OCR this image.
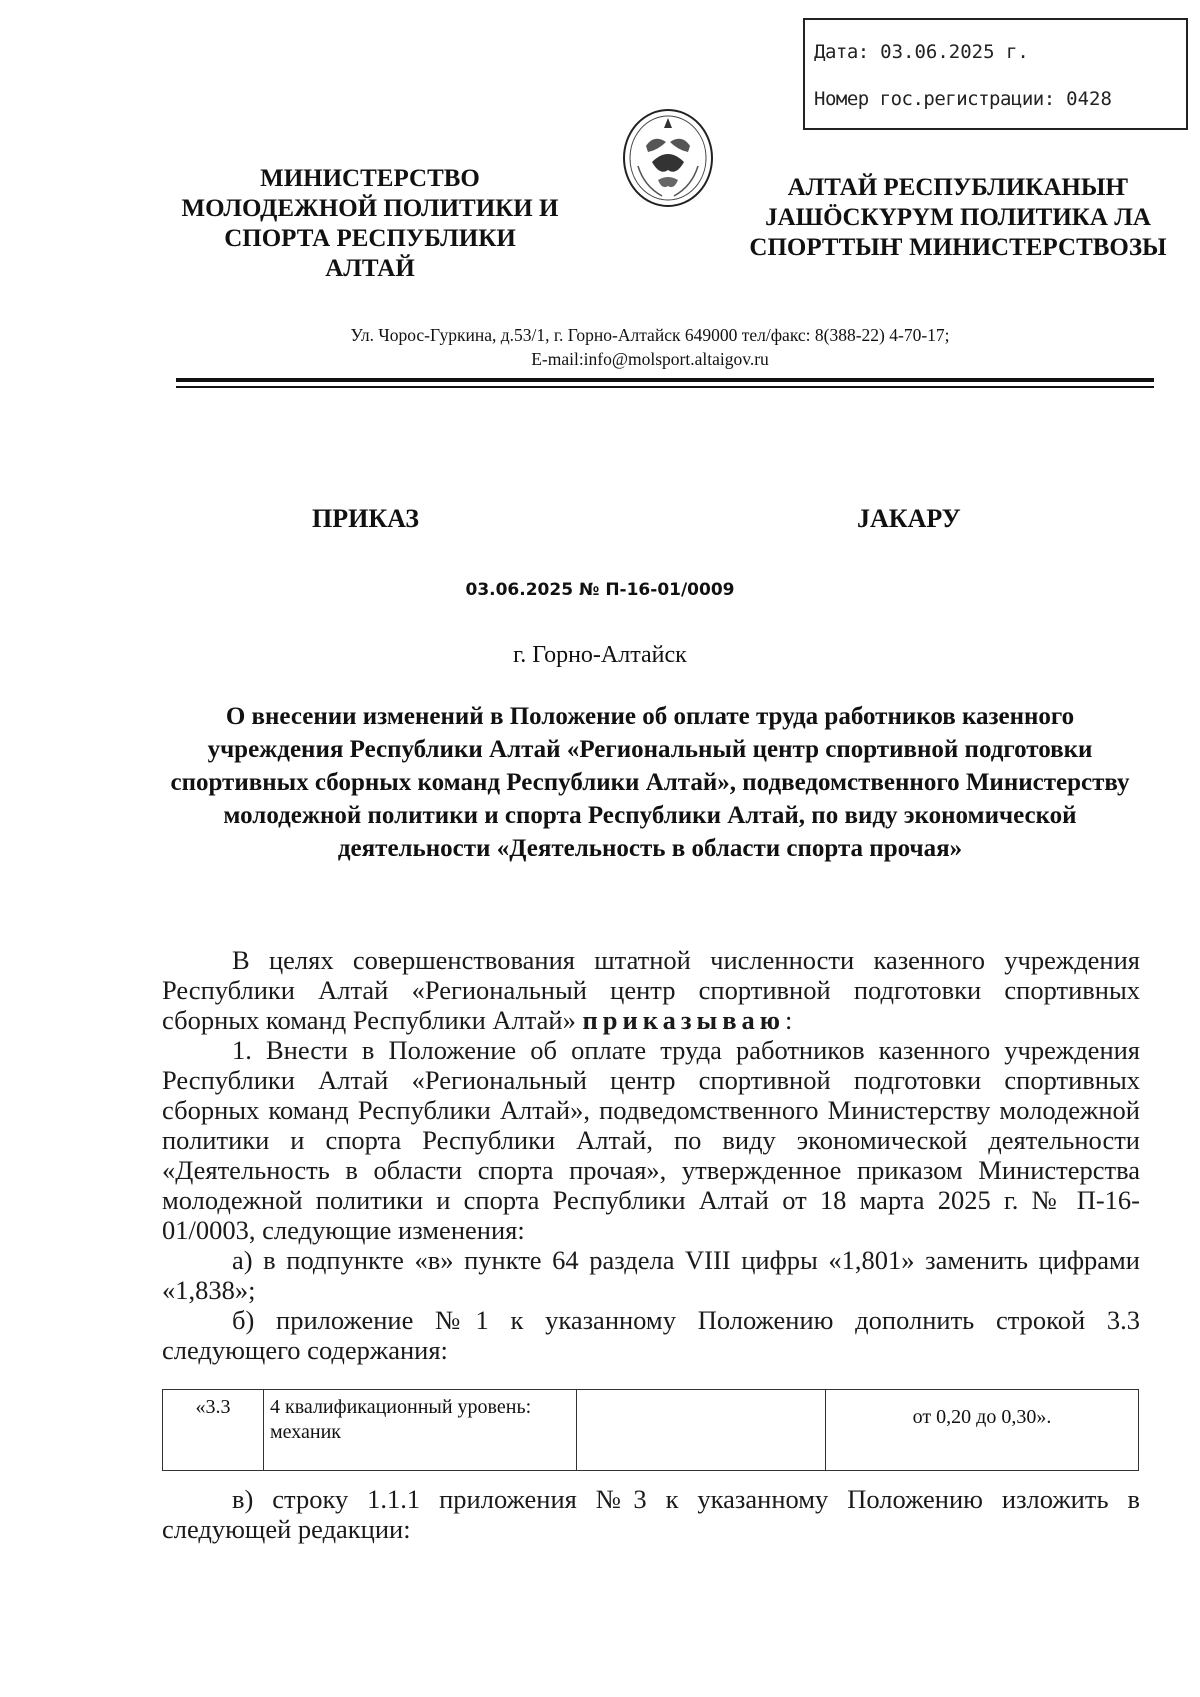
Дата: 03.06.2025 г.
Номер гос.регистрации: 0428
МИНИСТЕРСТВО
МОЛОДЕЖНОЙ ПОЛИТИКИ И
СПОРТА РЕСПУБЛИКИ
АЛТАЙ
АЛТАЙ РЕСПУБЛИКАНЫҤ
ЈАШÖСКҮРҮМ ПОЛИТИКА ЛА
СПОРТТЫҤ МИНИСТЕРСТВОЗЫ
Ул. Чорос-Гуркина, д.53/1, г. Горно-Алтайск 649000 тел/факс: 8(388-22) 4-70-17;
E-mail:info@molsport.altaigov.ru
ПРИКАЗ	ЈАКАРУ
03.06.2025 № П-16-01/0009
г. Горно-Алтайск
О внесении изменений в Положение об оплате труда работников казенного учреждения Республики Алтай «Региональный центр спортивной подготовки спортивных сборных команд Республики Алтай», подведомственного Министерству молодежной политики и спорта Республики Алтай, по виду экономической деятельности «Деятельность в области спорта прочая»

В целях совершенствования штатной численности казенного учреждения Республики Алтай «Региональный центр спортивной подготовки спортивных сборных команд Республики Алтай» приказываю:

1. Внести в Положение об оплате труда работников казенного учреждения Республики Алтай «Региональный центр спортивной подготовки спортивных сборных команд Республики Алтай», подведомственного Министерству молодежной политики и спорта Республики Алтай, по виду экономической деятельности «Деятельность в области спорта прочая», утвержденное приказом Министерства молодежной политики и спорта Республики Алтай от 18 марта 2025 г. № П-16-01/0003, следующие изменения:

а) в подпункте «в» пункте 64 раздела VIII цифры «1,801» заменить цифрами «1,838»;

б) приложение №1 к указанному Положению дополнить строкой 3.3 следующего содержания:

«3.3	4 квалификационный уровень: механик		от 0,20 до 0,30».

в) строку 1.1.1 приложения №3 к указанному Положению изложить в следующей редакции:
